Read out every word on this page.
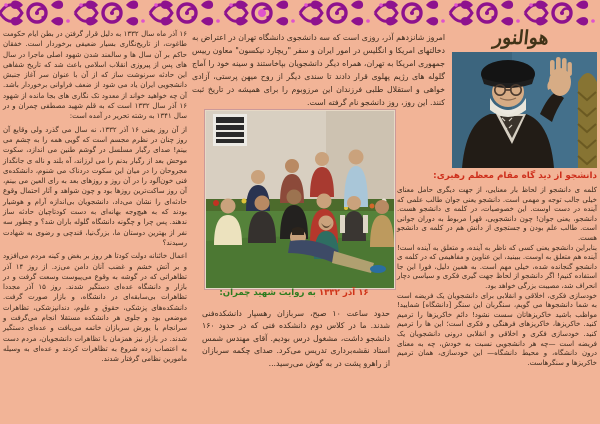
هوالنور

۱۶ آذر ماه سال ۱۳۳۲ به دلیل قرار گرفتن در بطن ایام حکومت طاغوت، از تاریخ‌نگاری بسیار ضعیفی برخوردار است. خفقان حاکم بر آن سال ها و سالمند شدن شهود اصلی ماجرا در سال های پس از پیروزی انقلاب اسلامی باعث شد که تاریخ شفاهی این حادثه سرنوشت ساز که از آن با عنوان سر آغاز جنبش دانشجویی ایران یاد می شود از ضعف فراوانی برخوردار باشد. آن چه خواهید خواند از معدود تک نگاری های بجا مانده از شهود ۱۶ آذر سال ۱۳۳۲ است که به قلم شهید مصطفی چمران و در سال ۱۳۴۱ به رشته تحریر در آمده است:

از آن روز یعنی ۱۶ آذر ۱۳۳۲، نه سال می گذرد ولی وقایع آن روز چنان در نظرم مجسم است که گویی همه را به چشم می بینم! صدای رگبار مسلسل در گوشم طنین می اندازد، سکوت موحش بعد از رگبار بدنم را می لرزاند، آه بلند و ناله ی جانگداز مجروحان را در میان این سکوت دردناک می شنوم، دانشکده‌ی فنی خون‌آلود را در آن روز و روزهای بعد به رای العین می بینم، آن روز ساکت‌ترین روزها بود و چون شواهد و آثار احتمال وقوع حادثه‌ای را نشان می‌داد، دانشجویان بی‌اندازه آرام و هوشیار بودند که به هیچ‌وجه بهانه‌ای به دست کودتاچیان حادثه ساز ندهند. پس چرا و چگونه دانشگاه گلوله باران شد؟ و چطور سه نفر از بهترین دوستان ما، بزرگ‌نیا، قندچی و رضوی به شهادت رسیدند؟

اعمال خائنانه دولت کودتا هر روز بر بغض و کینه مردم می‌افزود و بر آتش خشم و غضب آنان دامن می‌زد. از روز ۱۴ آذر تظاهراتی که در گوشه به وقوع می‌پیوست وسعت گرفت و در بازار و دانشگاه عده‌ای دستگیر شدند. روز ۱۵ آذر مجددا تظاهرات بی‌سابقه‌ای در دانشگاه، و بازار صورت گرفت. دانشکده‌های پزشکی، حقوق و علوم، دندانپزشکی، تظاهرات موضعی بود و جلوی هر دانشکده مستقلا انجام می‌گرفت و سرانجام با یورش سربازان خاتمه می‌یافت و عده‌ای دستگیر شدند. در بازار نیز همزمان با تظاهرات دانشجویان، مردم دست به اعتصاب زده شروع به تظاهرات کردند و عده‌ای به وسیله مامورین نظامی گرفتار شدند.

امروز شانزدهم آذر، روزی است که سه دانشجوی دانشگاه تهران در اعتراض به دخالتهای امریکا و انگلیس در امور ایران و سفر "ریچارد نیکسون" معاون رییس جمهوری امریکا به تهران، همراه دیگر دانشجویان بپاخاستند و سینه خود را آماج گلوله های رژیم پهلوی قرار دادند تا سندی دیگر از روح میهن پرستی، آزادی خواهی و استقلال طلبی فرزندان این مرزوبوم را برای همیشه در تاریخ ثبت کنند. این روز، روز دانشجو نام گرفته است.
۱۶ آذر ۱۳۳۲ به روایت شهید چمران:
حدود ساعت ۱۰ صبح، سربازان رهسپار دانشکده‌فنی شدند. ما در کلاس دوم دانشکده فنی که در حدود ۱۶۰ دانشجو داشت، مشغول درس بودیم. آقای مهندس شمس استاد نقشه‌برداری تدریس می‌کرد. صدای چکمه سربازان از راهرو پشت در به گوش می‌رسید...
دانشجو از دید گاه مقام معظم رهبری:

کلمه ی دانشجو از لحاظ بار معنایی، از جهت دیگری حامل معنای خیلی جالب توجه و مهمی است. دانشجو یعنی جوان طالب علمی که آینده در دست اوست. این خصوصیات، در کلمه ی دانشجو هست. دانشجو، یعنی جوان! چون دانشجویی، قهرا مربوط به دوران جوانی است. طالب علم بودن و جستجوی از دانش هم در کلمه ی دانشجو هست.

بنابراین دانشجو یعنی کسی که ناظر به آینده، و متعلق به آینده است! آینده هم متعلق به اوست. ببینید، این عناوین و مفاهیمی که در کلمه ی دانشجو گنجانده شده، خیلی مهم است. به همین دلیل، فورا این جا استفاده کنیم! اگر دانشجو از لحاظ جهت گیری فکری و سیاسی دچار انحراف شد، مصیبت بزرگی خواهد بود.

خودسازی فکری، اخلاقی و انقلابی برای دانشجویان یک فریضه است به شما دانشجوها می گویم، سنگربان این سنگر [دانشگاه] شمایید! مواظب باشید خاکریزهاتان سست نشود! دائم خاکریزها را ترمیم کنید. خاکریزها، خاکریزهای فرهنگی و فکری است؛ این ها را ترمیم کنید. خودسازی فکری و اخلاقی و انقلابی درونی دانشجویان یک فریضه است —چه هر دانشجویی نسبت به خودش، چه به معنای درون دانشگاه، و محیط دانشگاه— این خودسازی، همان ترمیم خاکریزها و سنگرهاست.
